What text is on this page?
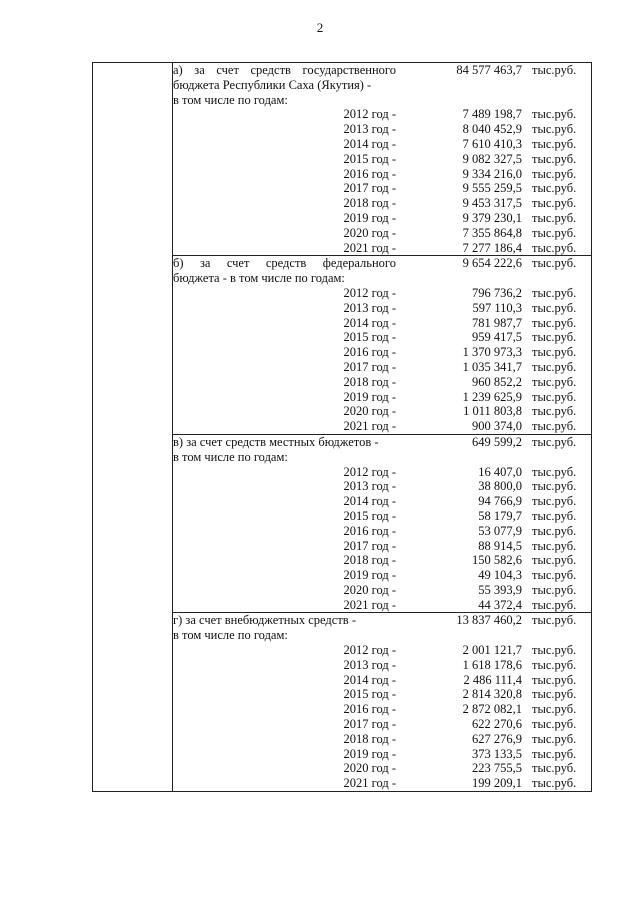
2

а) за счет средств государственного	84 577 463,7 тыс.руб.
бюджета Республики Саха (Якутия) -
в том числе по годам:
2012 год -	7 489 198,7 тыс.руб.
2013 год -	8 040 452,9 тыс.руб.
2014 год -	7 610 410,3 тыс.руб.
2015 год -	9 082 327,5 тыс.руб.
2016 год -	9 334 216,0 тыс.руб.
2017 год -	9 555 259,5 тыс.руб.
2018 год -	9 453 317,5 тыс.руб.
2019 год -	9 379 230,1 тыс.руб.
2020 год -	7 355 864,8 тыс.руб.
2021 год -	7 277 186,4 тыс.руб.
б) за счет средств федерального	9 654 222,6 тыс.руб.
бюджета - в том числе по годам:
2012 год -	796 736,2 тыс.руб.
2013 год -	597 110,3 тыс.руб.
2014 год -	781 987,7 тыс.руб.
2015 год -	959 417,5 тыс.руб.
2016 год -	1 370 973,3 тыс.руб.
2017 год -	1 035 341,7 тыс.руб.
2018 год -	960 852,2 тыс.руб.
2019 год -	1 239 625,9 тыс.руб.
2020 год -	1 011 803,8 тыс.руб.
2021 год -	900 374,0 тыс.руб.
в) за счет средств местных бюджетов -	649 599,2 тыс.руб.
в том числе по годам:
2012 год -	16 407,0 тыс.руб.
2013 год -	38 800,0 тыс.руб.
2014 год -	94 766,9 тыс.руб.
2015 год -	58 179,7 тыс.руб.
2016 год -	53 077,9 тыс.руб.
2017 год -	88 914,5 тыс.руб.
2018 год -	150 582,6 тыс.руб.
2019 год -	49 104,3 тыс.руб.
2020 год -	55 393,9 тыс.руб.
2021 год -	44 372,4 тыс.руб.
г) за счет внебюджетных средств -	13 837 460,2 тыс.руб.
в том числе по годам:
2012 год -	2 001 121,7 тыс.руб.
2013 год -	1 618 178,6 тыс.руб.
2014 год -	2 486 111,4 тыс.руб.
2015 год -	2 814 320,8 тыс.руб.
2016 год -	2 872 082,1 тыс.руб.
2017 год -	622 270,6 тыс.руб.
2018 год -	627 276,9 тыс.руб.
2019 год -	373 133,5 тыс.руб.
2020 год -	223 755,5 тыс.руб.
2021 год -	199 209,1 тыс.руб.
